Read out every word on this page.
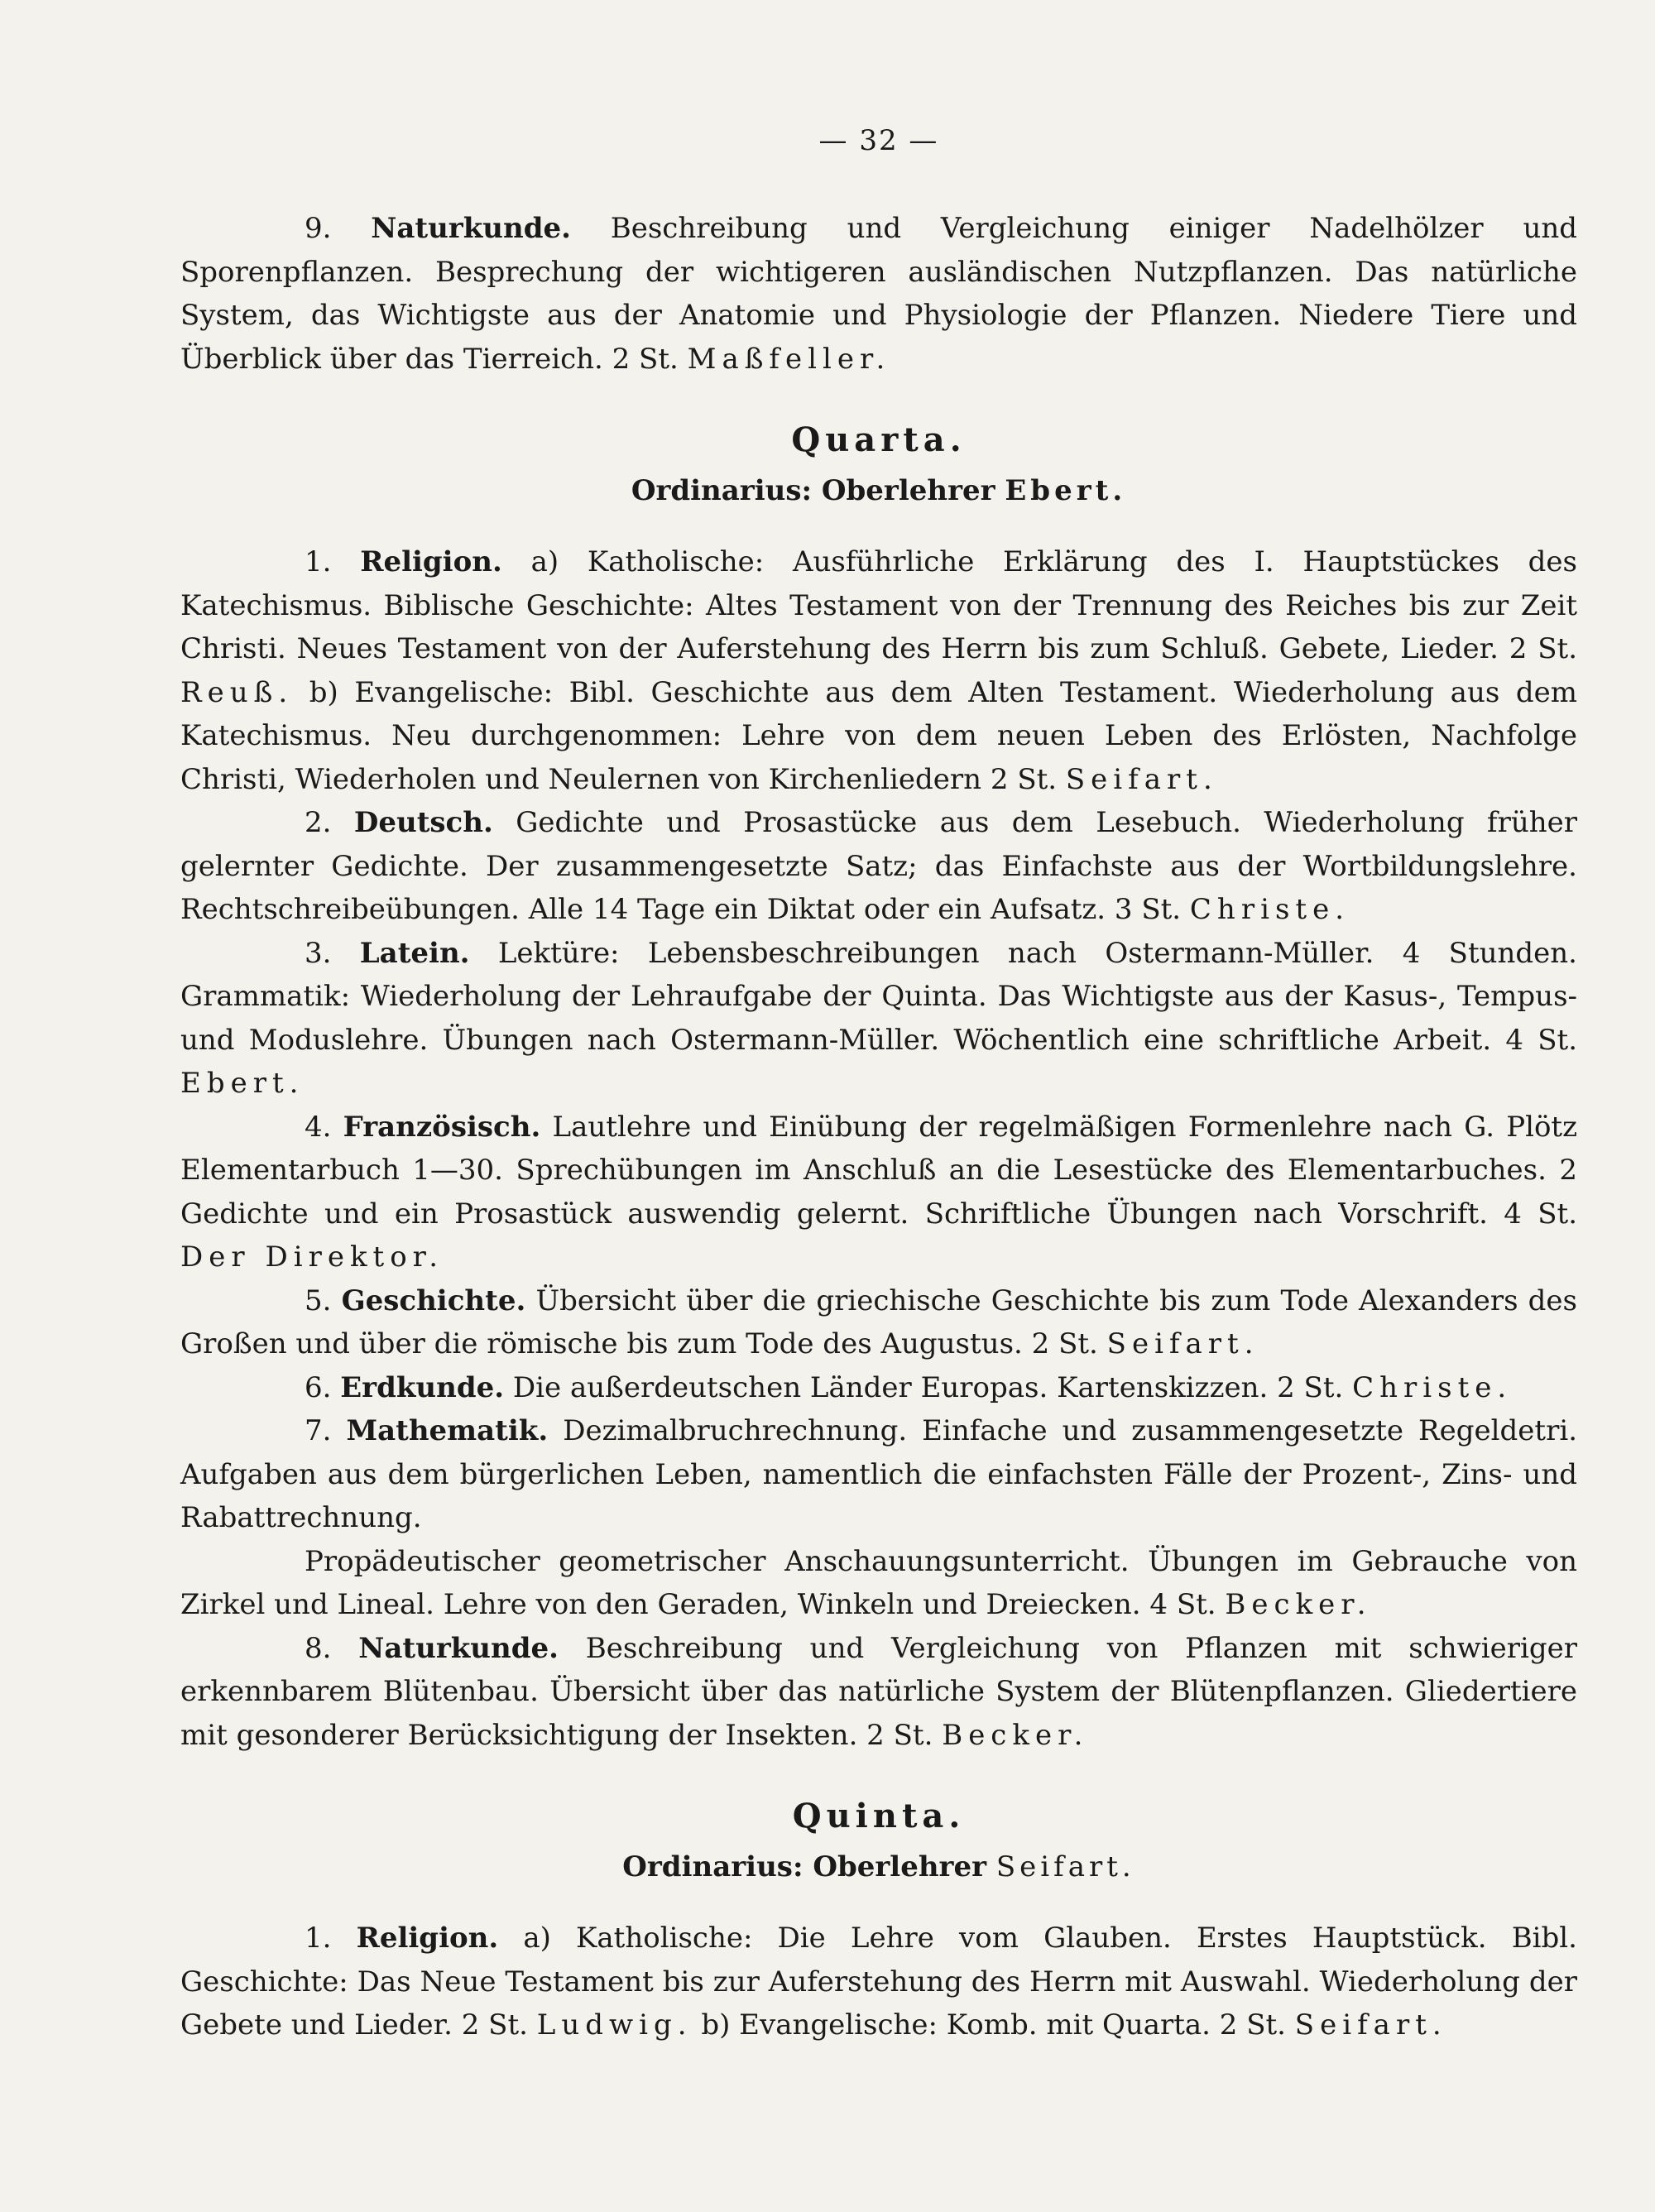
— 32 —

9. Naturkunde. Beschreibung und Vergleichung einiger Nadelhölzer und Sporenpflanzen. Besprechung der wichtigeren ausländischen Nutzpflanzen. Das natürliche System, das Wichtigste aus der Anatomie und Physiologie der Pflanzen. Niedere Tiere und Überblick über das Tierreich. 2 St. Maßfeller.

Quarta.
Ordinarius: Oberlehrer Ebert.

1. Religion. a) Katholische: Ausführliche Erklärung des I. Hauptstückes des Katechismus. Biblische Geschichte: Altes Testament von der Trennung des Reiches bis zur Zeit Christi. Neues Testament von der Auferstehung des Herrn bis zum Schluß. Gebete, Lieder. 2 St. Reuß. b) Evangelische: Bibl. Geschichte aus dem Alten Testament. Wiederholung aus dem Katechismus. Neu durchgenommen: Lehre von dem neuen Leben des Erlösten, Nachfolge Christi, Wiederholen und Neulernen von Kirchenliedern 2 St. Seifart.

2. Deutsch. Gedichte und Prosastücke aus dem Lesebuch. Wiederholung früher gelernter Gedichte. Der zusammengesetzte Satz; das Einfachste aus der Wortbildungslehre. Rechtschreibeübungen. Alle 14 Tage ein Diktat oder ein Aufsatz. 3 St. Christe.

3. Latein. Lektüre: Lebensbeschreibungen nach Ostermann-Müller. 4 Stunden. Grammatik: Wiederholung der Lehraufgabe der Quinta. Das Wichtigste aus der Kasus-, Tempus- und Moduslehre. Übungen nach Ostermann-Müller. Wöchentlich eine schriftliche Arbeit. 4 St. Ebert.

4. Französisch. Lautlehre und Einübung der regelmäßigen Formenlehre nach G. Plötz Elementarbuch 1—30. Sprechübungen im Anschluß an die Lesestücke des Elementarbuches. 2 Gedichte und ein Prosastück auswendig gelernt. Schriftliche Übungen nach Vorschrift. 4 St. Der Direktor.

5. Geschichte. Übersicht über die griechische Geschichte bis zum Tode Alexanders des Großen und über die römische bis zum Tode des Augustus. 2 St. Seifart.

6. Erdkunde. Die außerdeutschen Länder Europas. Kartenskizzen. 2 St. Christe.

7. Mathematik. Dezimalbruchrechnung. Einfache und zusammengesetzte Regeldetri. Aufgaben aus dem bürgerlichen Leben, namentlich die einfachsten Fälle der Prozent-, Zins- und Rabattrechnung.

Propädeutischer geometrischer Anschauungsunterricht. Übungen im Gebrauche von Zirkel und Lineal. Lehre von den Geraden, Winkeln und Dreiecken. 4 St. Becker.

8. Naturkunde. Beschreibung und Vergleichung von Pflanzen mit schwieriger erkennbarem Blütenbau. Übersicht über das natürliche System der Blütenpflanzen. Gliedertiere mit gesonderer Berücksichtigung der Insekten. 2 St. Becker.

Quinta.
Ordinarius: Oberlehrer Seifart.

1. Religion. a) Katholische: Die Lehre vom Glauben. Erstes Hauptstück. Bibl. Geschichte: Das Neue Testament bis zur Auferstehung des Herrn mit Auswahl. Wiederholung der Gebete und Lieder. 2 St. Ludwig. b) Evangelische: Komb. mit Quarta. 2 St. Seifart.
